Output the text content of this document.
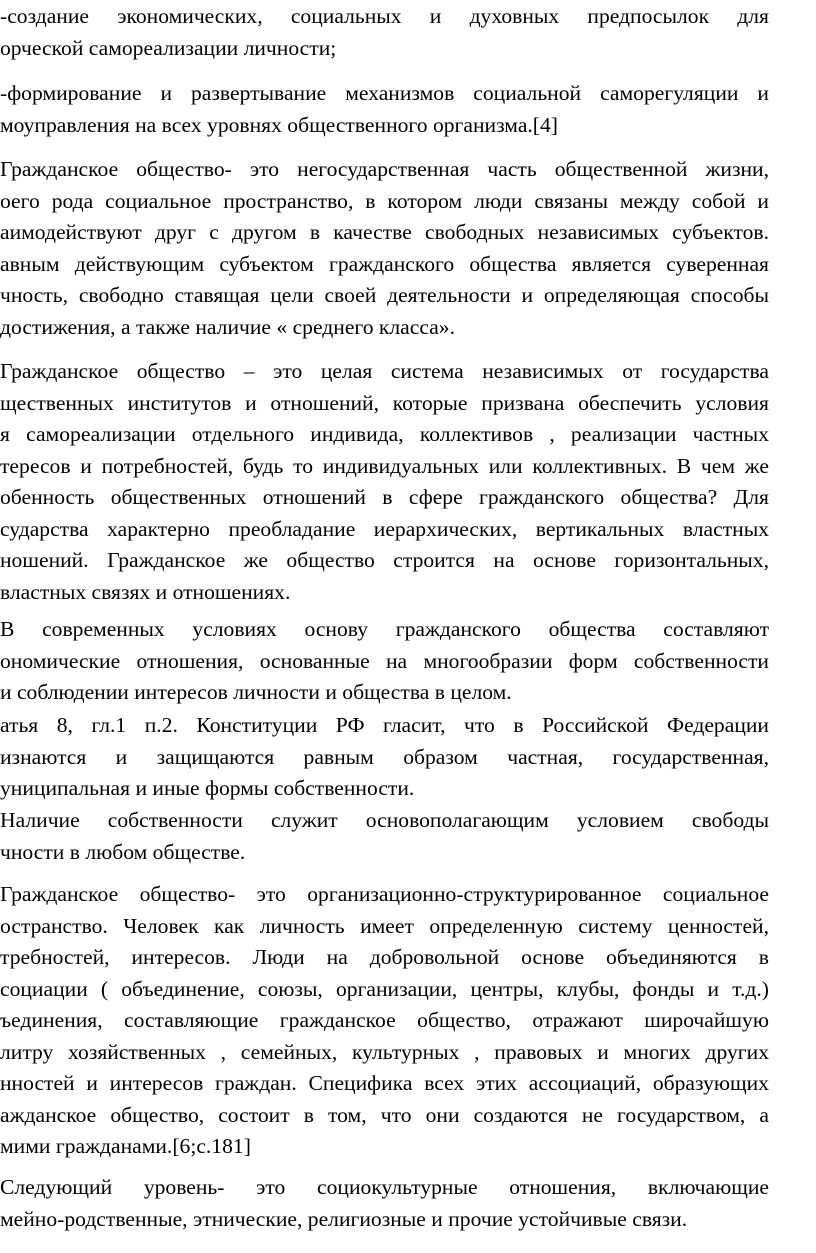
-создание экономических, социальных и духовных предпосылок для
орческой самореализации личности;

-формирование и развертывание механизмов социальной саморегуляции и
моуправления на всех уровнях общественного организма.[4]

Гражданское общество- это негосударственная часть общественной жизни,
оего рода социальное пространство, в котором люди связаны между собой и
аимодействуют друг с другом в качестве свободных независимых субъектов.
авным действующим субъектом гражданского общества является суверенная
чность, свободно ставящая цели своей деятельности и определяющая способы
достижения, а также наличие « среднего класса».

Гражданское общество – это целая система независимых от государства
щественных институтов и отношений, которые призвана обеспечить условия
я самореализации отдельного индивида, коллективов , реализации частных
тересов и потребностей, будь то индивидуальных или коллективных. В чем же
обенность общественных отношений в сфере гражданского общества? Для
сударства характерно преобладание иерархических, вертикальных властных
ношений. Гражданское же общество строится на основе горизонтальных,
властных связях и отношениях.

В современных условиях основу гражданского общества составляют
ономические отношения, основанные на многообразии форм собственности
и соблюдении интересов личности и общества в целом.

атья 8, гл.1 п.2. Конституции РФ гласит, что в Российской Федерации
изнаются и защищаются равным образом частная, государственная,
униципальная и иные формы собственности.

Наличие собственности служит основополагающим условием свободы
чности в любом обществе.

Гражданское общество- это организационно-структурированное социальное
остранство. Человек как личность имеет определенную систему ценностей,
требностей, интересов. Люди на добровольной основе объединяются в
социации ( объединение, союзы, организации, центры, клубы, фонды и т.д.)
ъединения, составляющие гражданское общество, отражают широчайшую
литру хозяйственных , семейных, культурных , правовых и многих других
нностей и интересов граждан. Специфика всех этих ассоциаций, образующих
ажданское общество, состоит в том, что они создаются не государством, а
мими гражданами.[6;с.181]

Следующий уровень- это социокультурные отношения, включающие
мейно-родственные, этнические, религиозные и прочие устойчивые связи.
